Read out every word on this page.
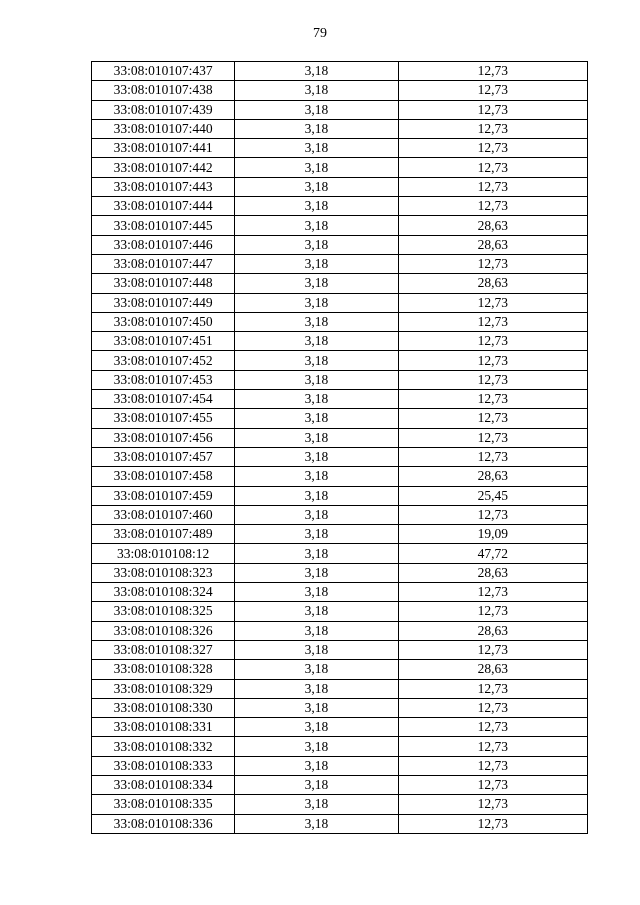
79
33:08:010107:437	3,18	12,73
33:08:010107:438	3,18	12,73
33:08:010107:439	3,18	12,73
33:08:010107:440	3,18	12,73
33:08:010107:441	3,18	12,73
33:08:010107:442	3,18	12,73
33:08:010107:443	3,18	12,73
33:08:010107:444	3,18	12,73
33:08:010107:445	3,18	28,63
33:08:010107:446	3,18	28,63
33:08:010107:447	3,18	12,73
33:08:010107:448	3,18	28,63
33:08:010107:449	3,18	12,73
33:08:010107:450	3,18	12,73
33:08:010107:451	3,18	12,73
33:08:010107:452	3,18	12,73
33:08:010107:453	3,18	12,73
33:08:010107:454	3,18	12,73
33:08:010107:455	3,18	12,73
33:08:010107:456	3,18	12,73
33:08:010107:457	3,18	12,73
33:08:010107:458	3,18	28,63
33:08:010107:459	3,18	25,45
33:08:010107:460	3,18	12,73
33:08:010107:489	3,18	19,09
33:08:010108:12	3,18	47,72
33:08:010108:323	3,18	28,63
33:08:010108:324	3,18	12,73
33:08:010108:325	3,18	12,73
33:08:010108:326	3,18	28,63
33:08:010108:327	3,18	12,73
33:08:010108:328	3,18	28,63
33:08:010108:329	3,18	12,73
33:08:010108:330	3,18	12,73
33:08:010108:331	3,18	12,73
33:08:010108:332	3,18	12,73
33:08:010108:333	3,18	12,73
33:08:010108:334	3,18	12,73
33:08:010108:335	3,18	12,73
33:08:010108:336	3,18	12,73
